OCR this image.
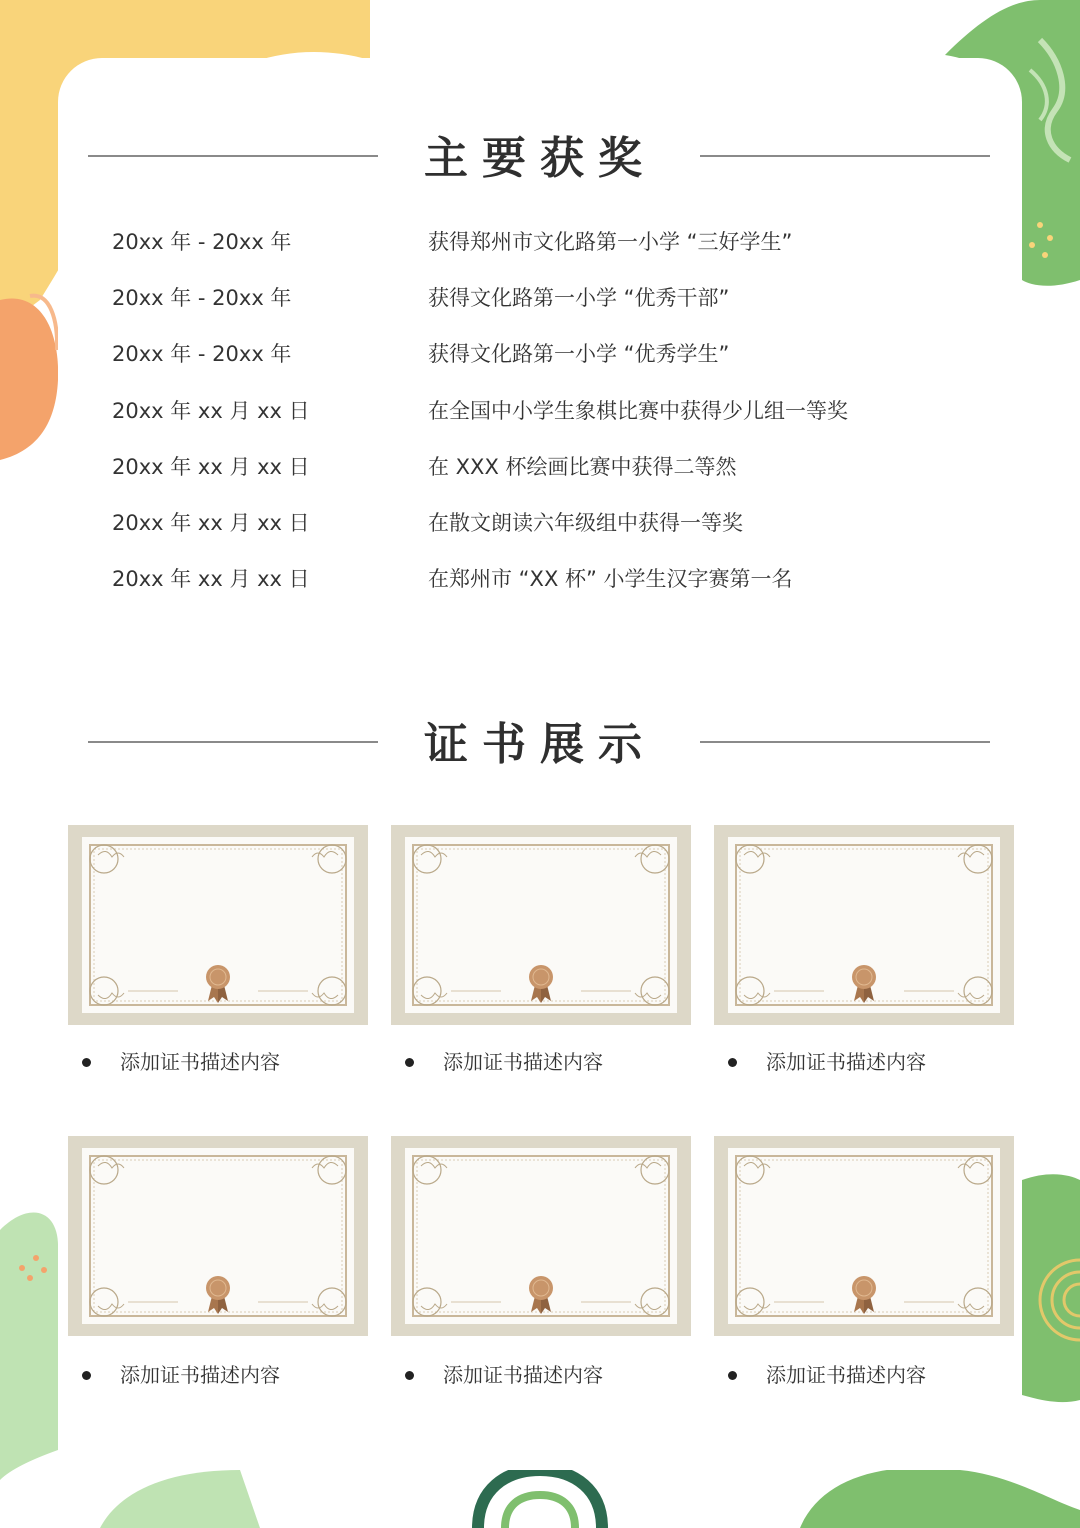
主要获奖
20xx 年 - 20xx 年	获得郑州市文化路第一小学 “三好学生”
20xx 年 - 20xx 年	获得文化路第一小学 “优秀干部”
20xx 年 - 20xx 年	获得文化路第一小学 “优秀学生”
20xx 年 xx 月 xx 日	在全国中小学生象棋比赛中获得少儿组一等奖
20xx 年 xx 月 xx 日	在 XXX 杯绘画比赛中获得二等然
20xx 年 xx 月 xx 日	在散文朗读六年级组中获得一等奖
20xx 年 xx 月 xx 日	在郑州市 “XX 杯” 小学生汉字赛第一名
证书展示
添加证书描述内容	添加证书描述内容	添加证书描述内容
添加证书描述内容	添加证书描述内容	添加证书描述内容
